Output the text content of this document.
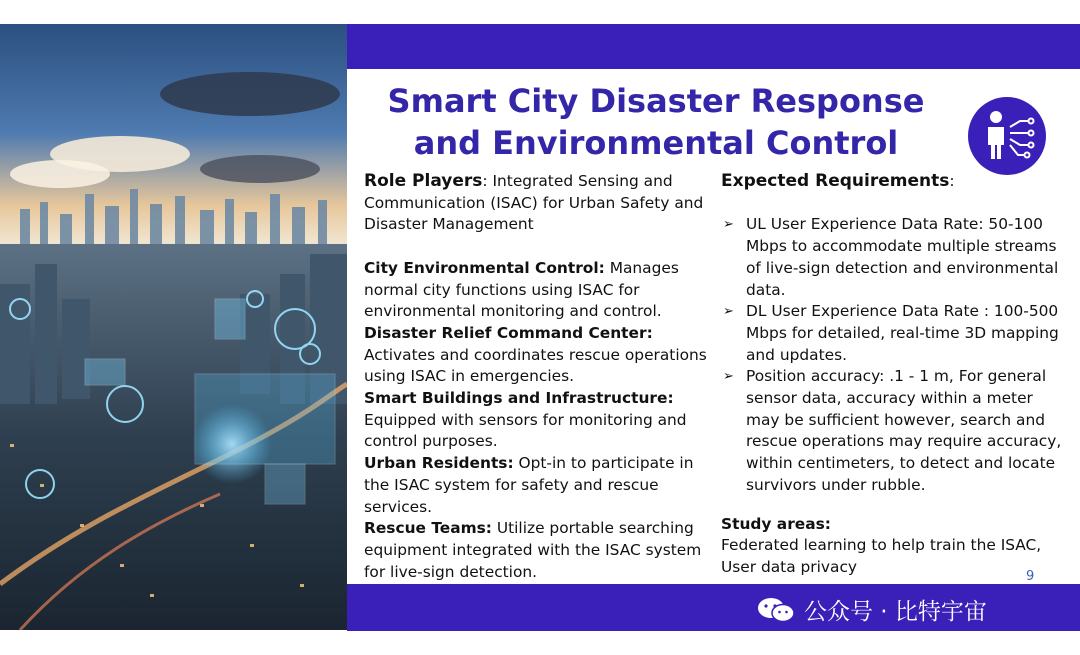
Smart City Disaster Response
and Environmental Control
Role Players: Integrated Sensing and Communication (ISAC) for Urban Safety and Disaster Management
City Environmental Control: Manages normal city functions using ISAC for environmental monitoring and control.
Disaster Relief Command Center: Activates and coordinates rescue operations using ISAC in emergencies.
Smart Buildings and Infrastructure: Equipped with sensors for monitoring and control purposes.
Urban Residents: Opt-in to participate in the ISAC system for safety and rescue services.
Rescue Teams: Utilize portable searching equipment integrated with the ISAC system for live-sign detection.
Expected Requirements:
➢ UL User Experience Data Rate: 50-100 Mbps to accommodate multiple streams of live-sign detection and environmental data.
➢ DL User Experience Data Rate : 100-500 Mbps for detailed, real-time 3D mapping and updates.
➢ Position accuracy: .1 - 1 m, For general sensor data, accuracy within a meter may be sufficient however, search and rescue operations may require accuracy, within centimeters, to detect and locate survivors under rubble.
Study areas:
Federated learning to help train the ISAC,
User data privacy
9
公众号 · 比特宇宙
